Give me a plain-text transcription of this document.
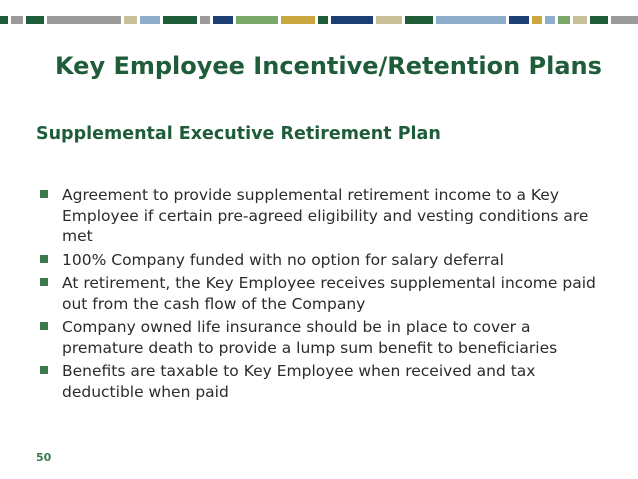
Key Employee Incentive/Retention Plans
Supplemental Executive Retirement Plan
Agreement to provide supplemental retirement income to a Key Employee if certain pre-agreed eligibility and vesting conditions are met
100% Company funded with no option for salary deferral
At retirement, the Key Employee receives supplemental income paid out from the cash flow of the Company
Company owned life insurance should be in place to cover a premature death to provide a lump sum benefit to beneficiaries
Benefits are taxable to Key Employee when received and tax deductible when paid
50
